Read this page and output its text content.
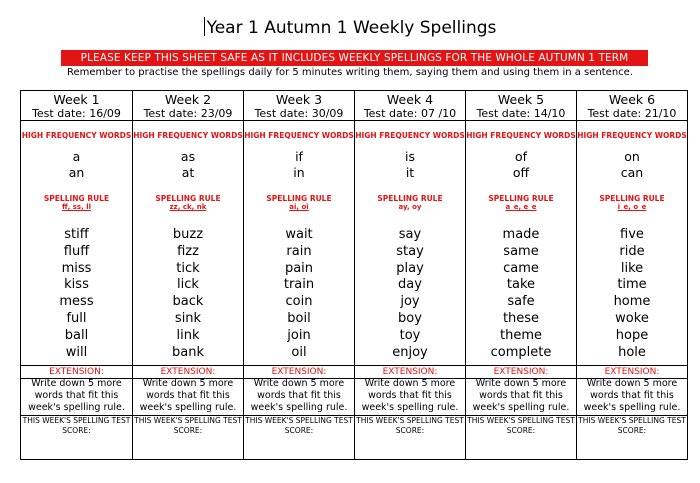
Year 1 Autumn 1 Weekly Spellings
PLEASE KEEP THIS SHEET SAFE AS IT INCLUDES WEEKLY SPELLINGS FOR THE WHOLE AUTUMN 1 TERM
Remember to practise the spellings daily for 5 minutes writing them, saying them and using them in a sentence.
Week 1
Test date: 16/09
HIGH FREQUENCY WORDS
a
an
SPELLING RULE
ff, ss, ll
stiff
fluff
miss
kiss
mess
full
ball
will
EXTENSION:
Write down 5 more words that fit this week's spelling rule.
THIS WEEK'S SPELLING TEST SCORE:
Week 2
Test date: 23/09
HIGH FREQUENCY WORDS
as
at
SPELLING RULE
zz, ck, nk
buzz
fizz
tick
lick
back
sink
link
bank
EXTENSION:
Write down 5 more words that fit this week's spelling rule.
THIS WEEK'S SPELLING TEST SCORE:
Week 3
Test date: 30/09
HIGH FREQUENCY WORDS
if
in
SPELLING RULE
ai, oi
wait
rain
pain
train
coin
boil
join
oil
EXTENSION:
Write down 5 more words that fit this week's spelling rule.
THIS WEEK'S SPELLING TEST SCORE:
Week 4
Test date: 07 /10
HIGH FREQUENCY WORDS
is
it
SPELLING RULE
ay, oy
say
stay
play
day
joy
boy
toy
enjoy
EXTENSION:
Write down 5 more words that fit this week's spelling rule.
THIS WEEK'S SPELLING TEST SCORE:
Week 5
Test date: 14/10
HIGH FREQUENCY WORDS
of
off
SPELLING RULE
a_e, e_e
made
same
came
take
safe
these
theme
complete
EXTENSION:
Write down 5 more words that fit this week's spelling rule.
THIS WEEK'S SPELLING TEST SCORE:
Week 6
Test date: 21/10
HIGH FREQUENCY WORDS
on
can
SPELLING RULE
i_e, o_e
five
ride
like
time
home
woke
hope
hole
EXTENSION:
Write down 5 more words that fit this week's spelling rule.
THIS WEEK'S SPELLING TEST SCORE:
